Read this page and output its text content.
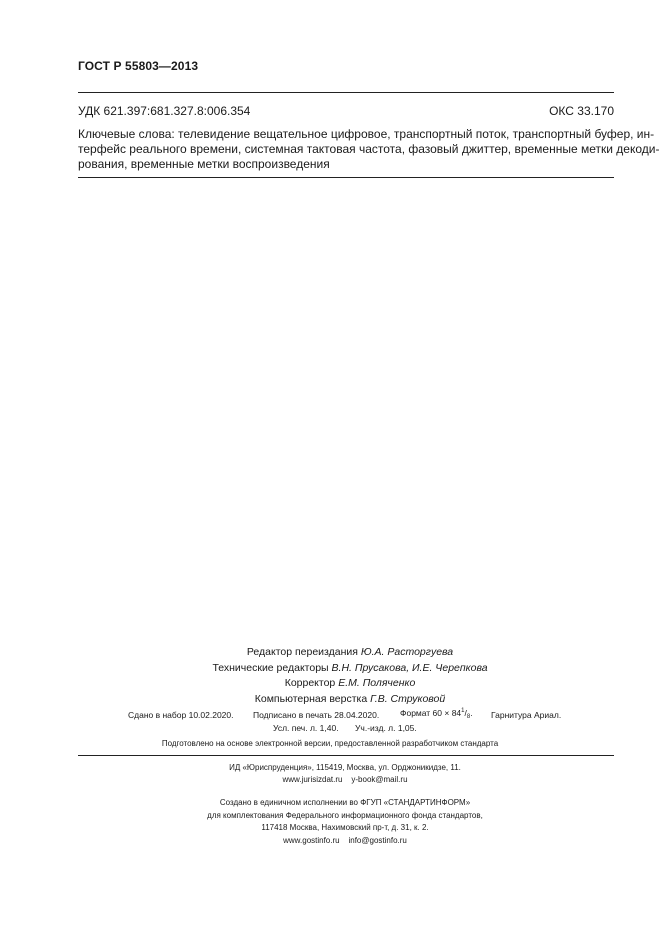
ГОСТ Р 55803—2013
УДК 621.397:681.327.8:006.354	ОКС 33.170
Ключевые слова: телевидение вещательное цифровое, транспортный поток, транспортный буфер, ин-
терфейс реального времени, системная тактовая частота, фазовый джиттер, временные метки декоди-
рования, временные метки воспроизведения
Редактор переиздания Ю.А. Расторгуева
Технические редакторы В.Н. Прусакова, И.Е. Черепкова
Корректор Е.М. Поляченко
Компьютерная верстка Г.В. Струковой
Сдано в набор 10.02.2020. Подписано в печать 28.04.2020. Формат $60 \times 84^1/_8$. Гарнитура Ариал.
Усл. печ. л. 1,40. Уч.-изд. л. 1,05.
Подготовлено на основе электронной версии, предоставленной разработчиком стандарта
ИД «Юриспруденция», 115419, Москва, ул. Орджоникидзе, 11.
www.jurisizdat.ru y-book@mail.ru
Создано в единичном исполнении во ФГУП «СТАНДАРТИНФОРМ»
для комплектования Федерального информационного фонда стандартов,
117418 Москва, Нахимовский пр-т, д. 31, к. 2.
www.gostinfo.ru info@gostinfo.ru
